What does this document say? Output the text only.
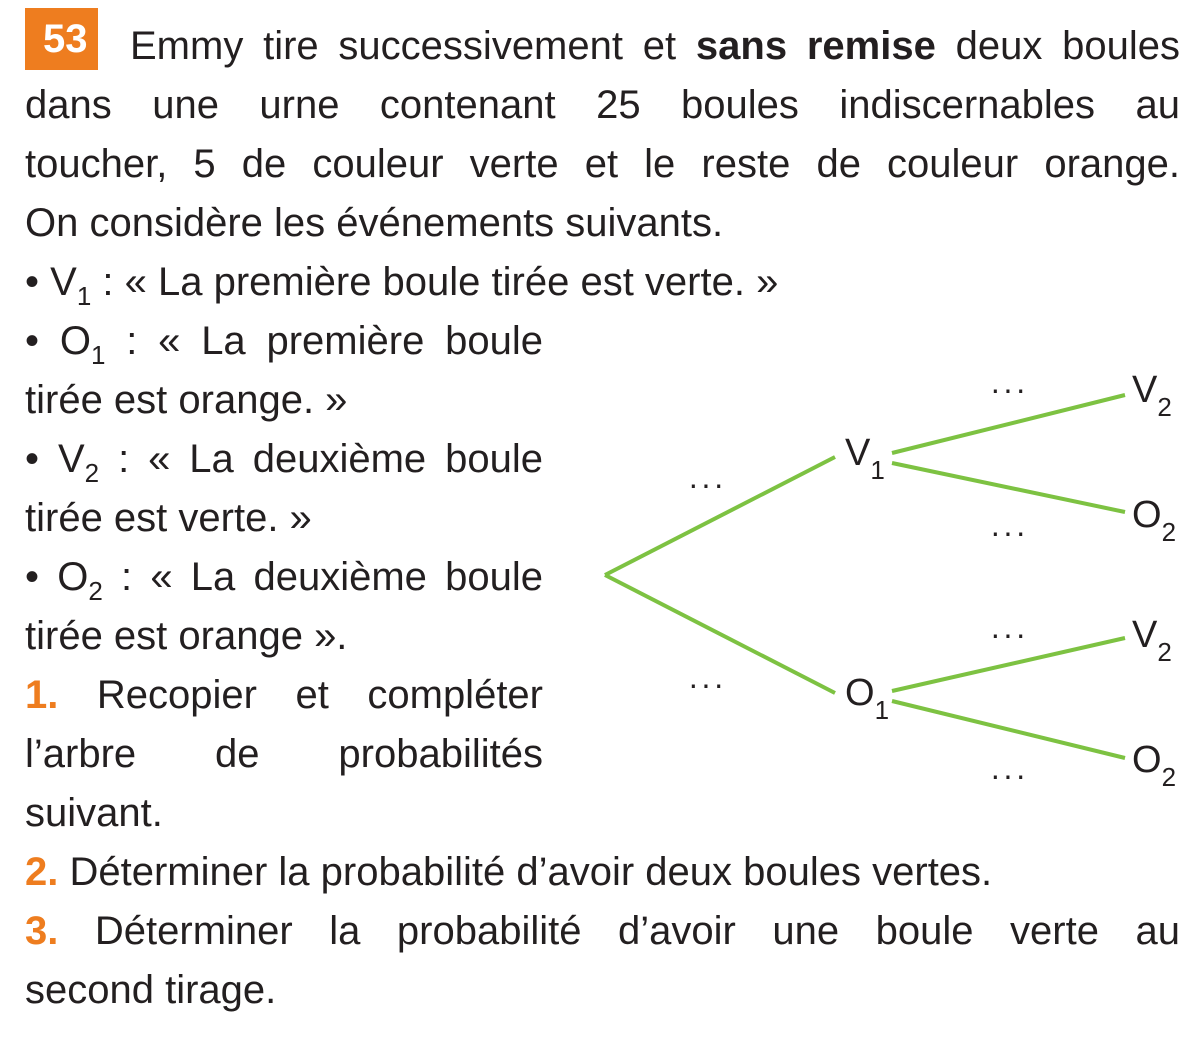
53 Emmy tire successivement et sans remise deux boules
dans une urne contenant 25 boules indiscernables au
toucher, 5 de couleur verte et le reste de couleur orange.
On considère les événements suivants.
• $V_1$ : « La première boule tirée est verte. »
• $O_1$ : « La première boule
tirée est orange. »
• $V_2$ : « La deuxième boule
tirée est verte. »
• $O_2$ : « La deuxième boule
tirée est orange ».
1. Recopier et compléter
l’arbre de probabilités
suivant.
2. Déterminer la probabilité d’avoir deux boules vertes.
3. Déterminer la probabilité d’avoir une boule verte au
second tirage.
···
···
···
···
···
···
$V_1$
$O_1$
$V_2$
$O_2$
$V_2$
$O_2$
